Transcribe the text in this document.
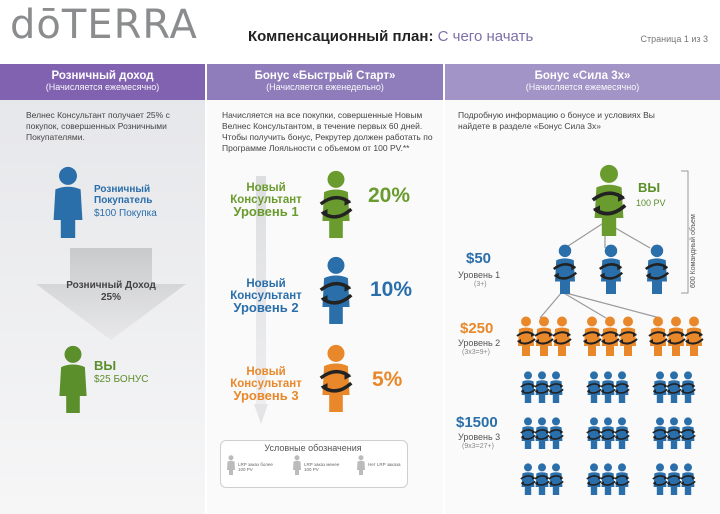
dōTERRA	Компенсационный план: С чего начать	Страница 1 из 3
Розничный доход
(Начисляется ежемесячно)
Бонус «Быстрый Старт»
(Начисляется еженедельно)
Бонус «Сила 3х»
(Начисляется ежемесячно)
Велнес Консультант получает 25% с покупок, совершенных Розничными Покупателями.
Розничный Покупатель
$100 Покупка
Розничный Доход
25%
ВЫ
$25 БОНУС
Начисляется на все покупки, совершенные Новым Велнес Консультантом, в течение первых 60 дней. Чтобы получить бонус, Рекрутер должен работать по Программе Лояльности с объемом от 100 PV.**
Новый
Консультант
Уровень 1
20%
Новый
Консультант
Уровень 2
10%
Новый
Консультант
Уровень 3
5%
Условные обозначения
LRP заказ более 100 PV
LRP заказ менее 100 PV
Нет LRP заказа
Подробную информацию о бонусе и условиях Вы найдете в разделе «Бонус Сила 3х»
600 Командный объем
ВЫ
100 PV
$50
Уровень 1
(3+)
$250
Уровень 2
(3x3=9+)
$1500
Уровень 3
(9x3=27+)
